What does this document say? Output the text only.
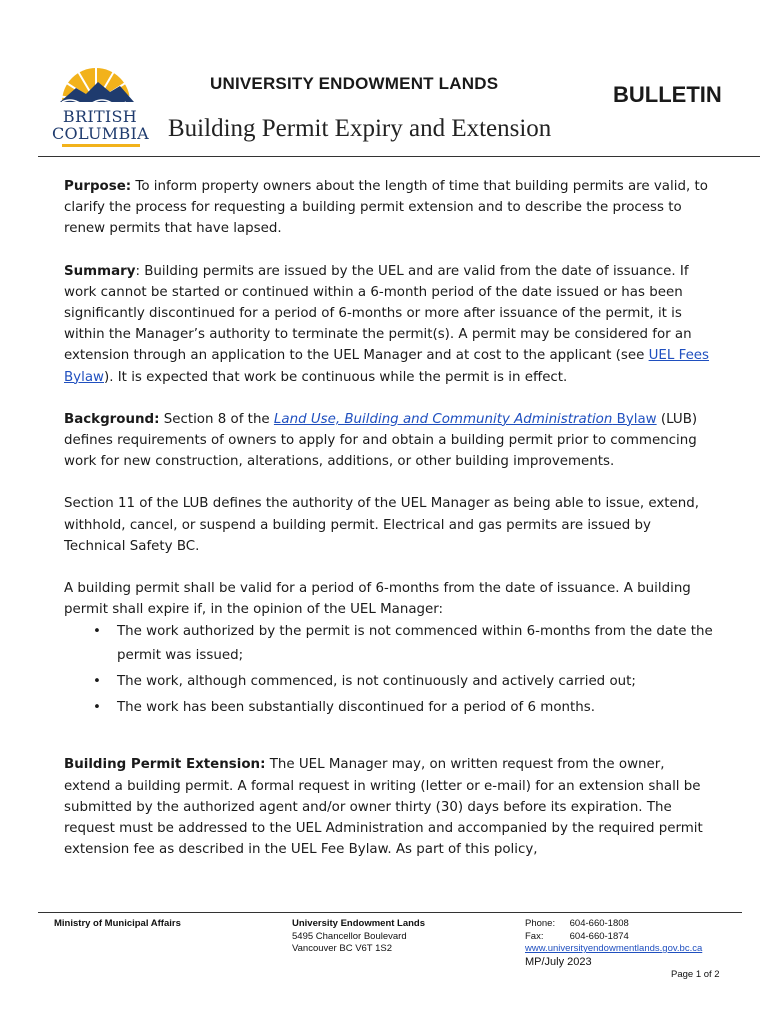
BRITISH
COLUMBIA
UNIVERSITY ENDOWMENT LANDS	BULLETIN
Building Permit Expiry and Extension

Purpose: To inform property owners about the length of time that building permits are valid, to clarify the process for requesting a building permit extension and to describe the process to renew permits that have lapsed.

Summary: Building permits are issued by the UEL and are valid from the date of issuance. If work cannot be started or continued within a 6-month period of the date issued or has been significantly discontinued for a period of 6-months or more after issuance of the permit, it is within the Manager’s authority to terminate the permit(s). A permit may be considered for an extension through an application to the UEL Manager and at cost to the applicant (see UEL Fees Bylaw). It is expected that work be continuous while the permit is in effect.

Background: Section 8 of the Land Use, Building and Community Administration Bylaw (LUB) defines requirements of owners to apply for and obtain a building permit prior to commencing work for new construction, alterations, additions, or other building improvements.

Section 11 of the LUB defines the authority of the UEL Manager as being able to issue, extend, withhold, cancel, or suspend a building permit. Electrical and gas permits are issued by Technical Safety BC.

A building permit shall be valid for a period of 6-months from the date of issuance. A building permit shall expire if, in the opinion of the UEL Manager:

• The work authorized by the permit is not commenced within 6-months from the date the permit was issued;
• The work, although commenced, is not continuously and actively carried out;
• The work has been substantially discontinued for a period of 6 months.

Building Permit Extension: The UEL Manager may, on written request from the owner, extend a building permit. A formal request in writing (letter or e-mail) for an extension shall be submitted by the authorized agent and/or owner thirty (30) days before its expiration. The request must be addressed to the UEL Administration and accompanied by the required permit extension fee as described in the UEL Fee Bylaw. As part of this policy,

Ministry of Municipal Affairs	University Endowment Lands
5495 Chancellor Boulevard
Vancouver BC V6T 1S2
Phone: 604-660-1808
Fax:	604-660-1874
www.universityendowmentlands.gov.bc.ca
MP/July 2023
Page 1 of 2
